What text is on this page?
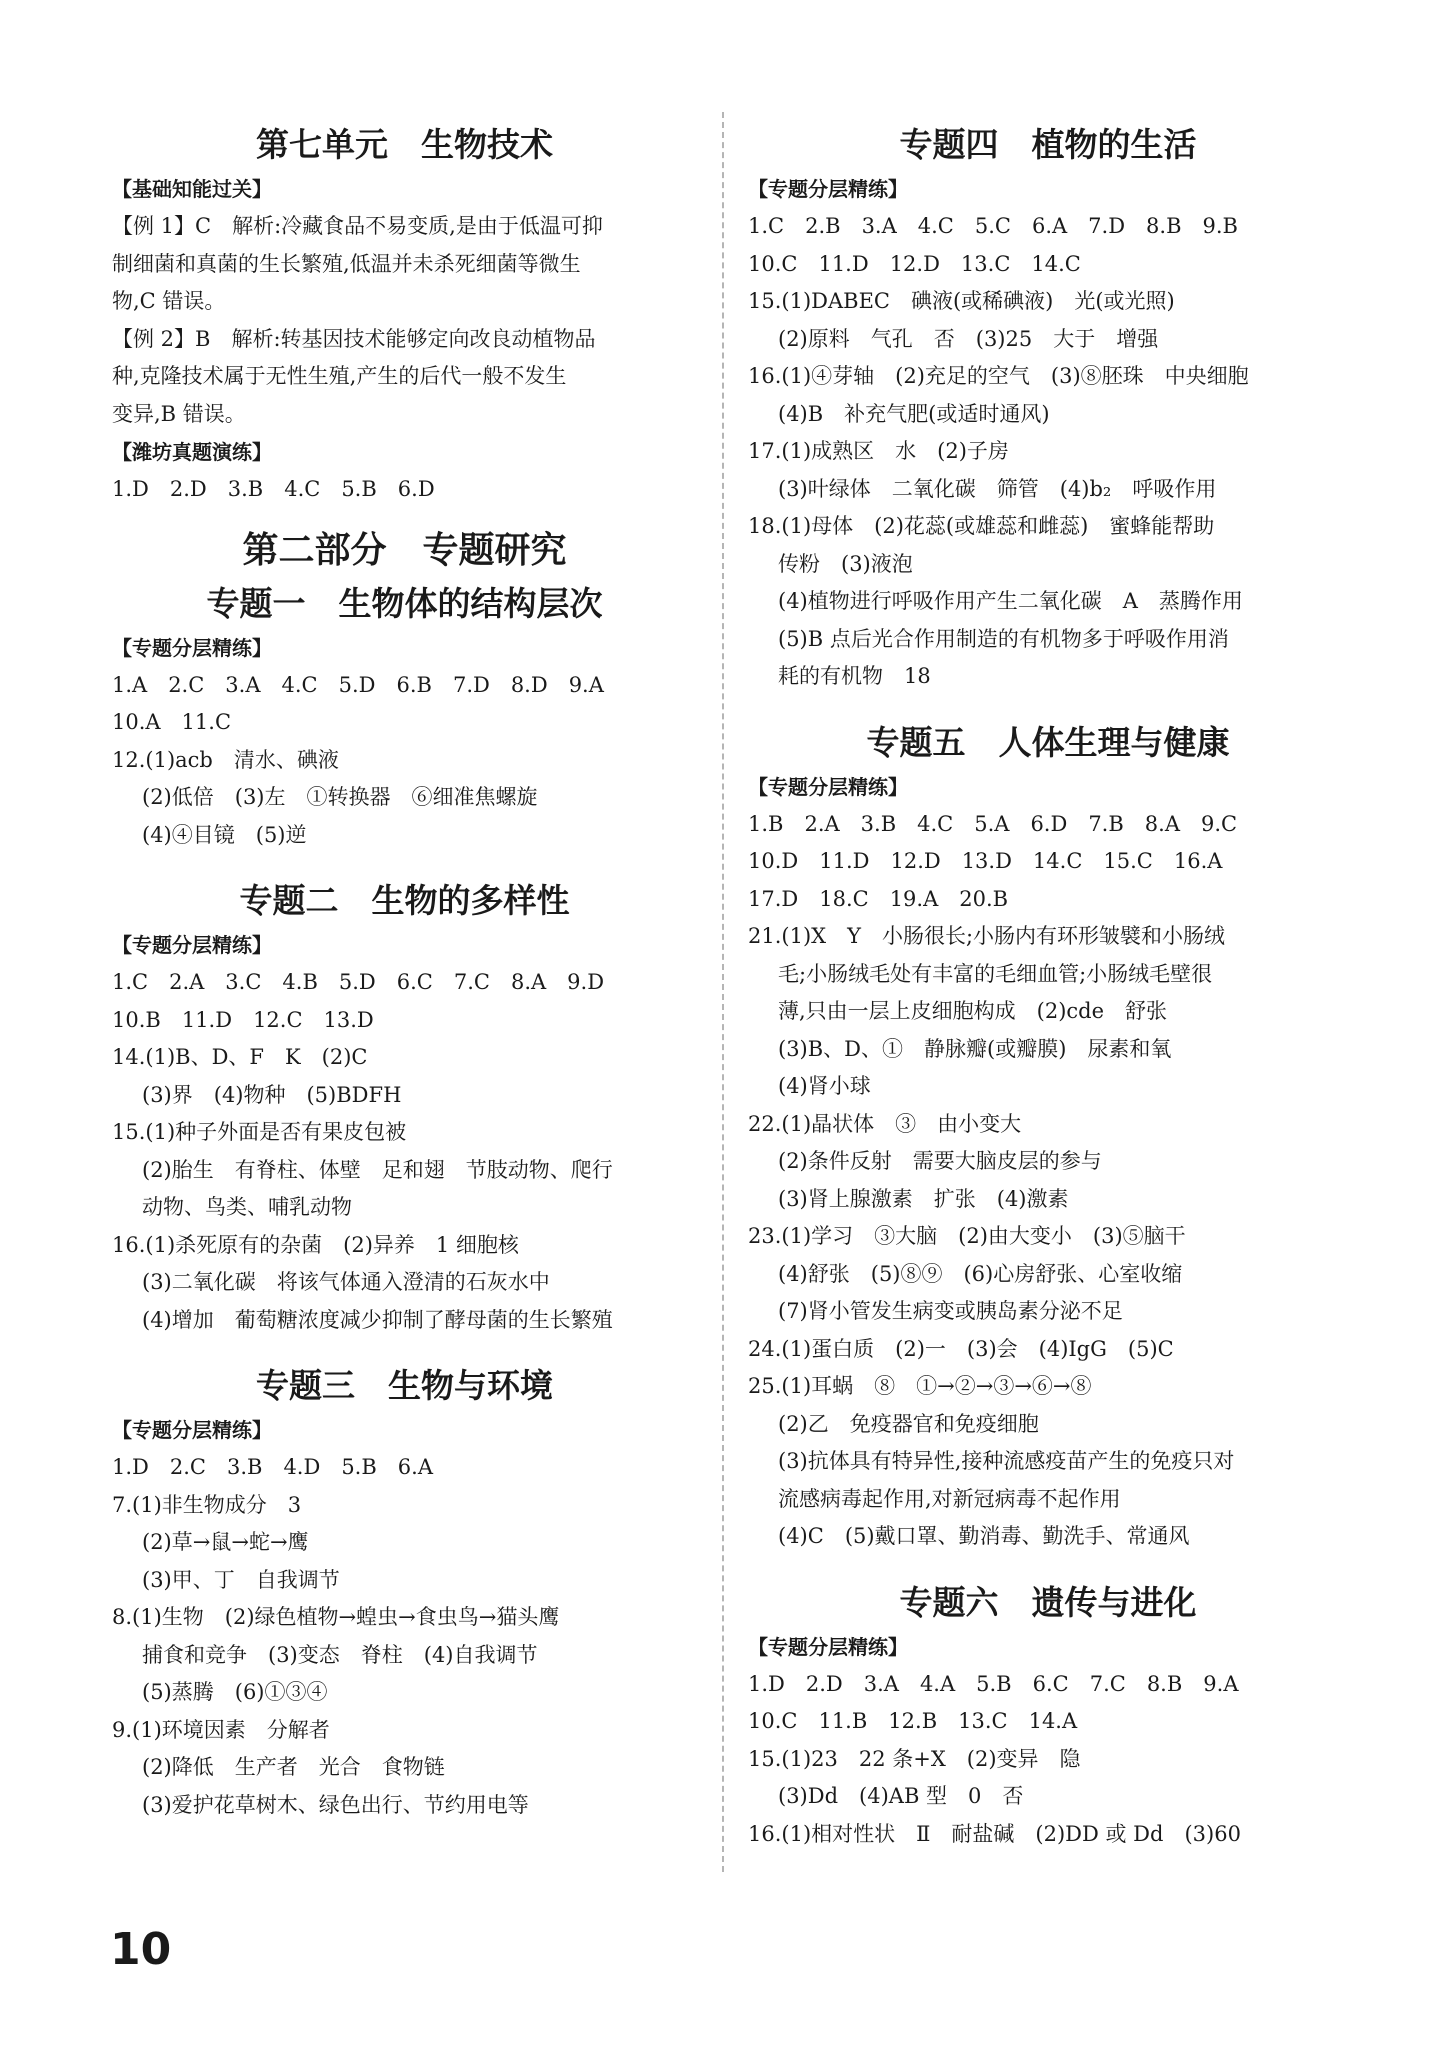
第七单元　生物技术
【基础知能过关】
【例 1】C　解析:冷藏食品不易变质,是由于低温可抑
制细菌和真菌的生长繁殖,低温并未杀死细菌等微生
物,C 错误。
【例 2】B　解析:转基因技术能够定向改良动植物品
种,克隆技术属于无性生殖,产生的后代一般不发生
变异,B 错误。
【潍坊真题演练】
1.D　2.D　3.B　4.C　5.B　6.D
第二部分　专题研究
专题一　生物体的结构层次
【专题分层精练】
1.A　2.C　3.A　4.C　5.D　6.B　7.D　8.D　9.A
10.A　11.C
12.(1)acb　清水、碘液
(2)低倍　(3)左　①转换器　⑥细准焦螺旋
(4)④目镜　(5)逆
专题二　生物的多样性
【专题分层精练】
1.C　2.A　3.C　4.B　5.D　6.C　7.C　8.A　9.D
10.B　11.D　12.C　13.D
14.(1)B、D、F　K　(2)C
(3)界　(4)物种　(5)BDFH
15.(1)种子外面是否有果皮包被
(2)胎生　有脊柱、体壁　足和翅　节肢动物、爬行
动物、鸟类、哺乳动物
16.(1)杀死原有的杂菌　(2)异养　1 细胞核
(3)二氧化碳　将该气体通入澄清的石灰水中
(4)增加　葡萄糖浓度减少抑制了酵母菌的生长繁殖
专题三　生物与环境
【专题分层精练】
1.D　2.C　3.B　4.D　5.B　6.A
7.(1)非生物成分　3
(2)草→鼠→蛇→鹰
(3)甲、丁　自我调节
8.(1)生物　(2)绿色植物→蝗虫→食虫鸟→猫头鹰
捕食和竞争　(3)变态　脊柱　(4)自我调节
(5)蒸腾　(6)①③④
9.(1)环境因素　分解者
(2)降低　生产者　光合　食物链
(3)爱护花草树木、绿色出行、节约用电等
专题四　植物的生活
【专题分层精练】
1.C　2.B　3.A　4.C　5.C　6.A　7.D　8.B　9.B
10.C　11.D　12.D　13.C　14.C
15.(1)DABEC　碘液(或稀碘液)　光(或光照)
(2)原料　气孔　否　(3)25　大于　增强
16.(1)④芽轴　(2)充足的空气　(3)⑧胚珠　中央细胞
(4)B　补充气肥(或适时通风)
17.(1)成熟区　水　(2)子房
(3)叶绿体　二氧化碳　筛管　(4)b₂　呼吸作用
18.(1)母体　(2)花蕊(或雄蕊和雌蕊)　蜜蜂能帮助
传粉　(3)液泡
(4)植物进行呼吸作用产生二氧化碳　A　蒸腾作用
(5)B 点后光合作用制造的有机物多于呼吸作用消
耗的有机物　18
专题五　人体生理与健康
【专题分层精练】
1.B　2.A　3.B　4.C　5.A　6.D　7.B　8.A　9.C
10.D　11.D　12.D　13.D　14.C　15.C　16.A
17.D　18.C　19.A　20.B
21.(1)X　Y　小肠很长;小肠内有环形皱襞和小肠绒
毛;小肠绒毛处有丰富的毛细血管;小肠绒毛壁很
薄,只由一层上皮细胞构成　(2)cde　舒张
(3)B、D、①　静脉瓣(或瓣膜)　尿素和氧
(4)肾小球
22.(1)晶状体　③　由小变大
(2)条件反射　需要大脑皮层的参与
(3)肾上腺激素　扩张　(4)激素
23.(1)学习　③大脑　(2)由大变小　(3)⑤脑干
(4)舒张　(5)⑧⑨　(6)心房舒张、心室收缩
(7)肾小管发生病变或胰岛素分泌不足
24.(1)蛋白质　(2)一　(3)会　(4)IgG　(5)C
25.(1)耳蜗　⑧　①→②→③→⑥→⑧
(2)乙　免疫器官和免疫细胞
(3)抗体具有特异性,接种流感疫苗产生的免疫只对
流感病毒起作用,对新冠病毒不起作用
(4)C　(5)戴口罩、勤消毒、勤洗手、常通风
专题六　遗传与进化
【专题分层精练】
1.D　2.D　3.A　4.A　5.B　6.C　7.C　8.B　9.A
10.C　11.B　12.B　13.C　14.A
15.(1)23　22 条+X　(2)变异　隐
(3)Dd　(4)AB 型　0　否
16.(1)相对性状　Ⅱ　耐盐碱　(2)DD 或 Dd　(3)60
10
